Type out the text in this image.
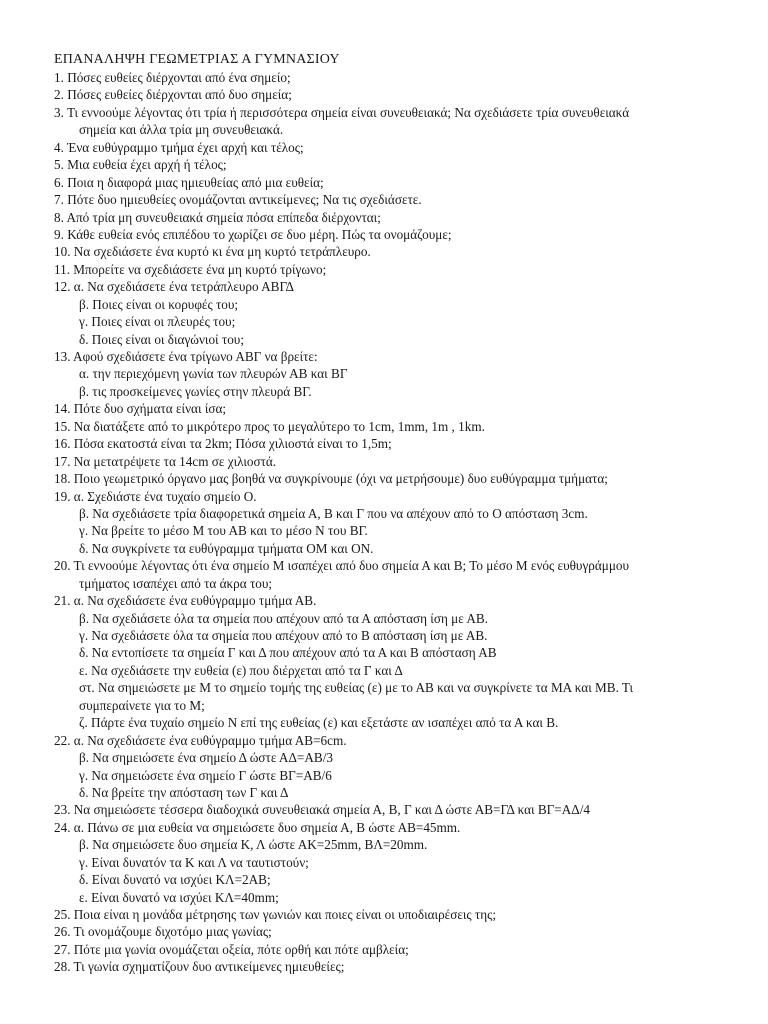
ΕΠΑΝΑΛΗΨΗ ΓΕΩΜΕΤΡΙΑΣ Α ΓΥΜΝΑΣΙΟΥ
1. Πόσες ευθείες διέρχονται από ένα σημείο;
2. Πόσες ευθείες διέρχονται από δυο σημεία;
3. Τι εννοούμε λέγοντας ότι τρία ή περισσότερα σημεία είναι συνευθειακά; Να σχεδιάσετε τρία συνευθειακά
σημεία και άλλα τρία μη συνευθειακά.
4. Ένα ευθύγραμμο τμήμα έχει αρχή και τέλος;
5. Μια ευθεία έχει αρχή ή τέλος;
6. Ποια η διαφορά μιας ημιευθείας από μια ευθεία;
7. Πότε δυο ημιευθείες ονομάζονται αντικείμενες; Να τις σχεδιάσετε.
8. Από τρία μη συνευθειακά σημεία πόσα επίπεδα διέρχονται;
9. Κάθε ευθεία ενός επιπέδου το χωρίζει σε δυο μέρη. Πώς τα ονομάζουμε;
10. Να σχεδιάσετε ένα κυρτό κι ένα μη κυρτό τετράπλευρο.
11. Μπορείτε να σχεδιάσετε ένα μη κυρτό τρίγωνο;
12. α. Να σχεδιάσετε ένα τετράπλευρο ΑΒΓΔ
β. Ποιες είναι οι κορυφές του;
γ. Ποιες είναι οι πλευρές του;
δ. Ποιες είναι οι διαγώνιοί του;
13. Αφού σχεδιάσετε ένα τρίγωνο ΑΒΓ να βρείτε:
α. την περιεχόμενη γωνία των πλευρών ΑΒ και ΒΓ
β. τις προσκείμενες γωνίες στην πλευρά ΒΓ.
14. Πότε δυο σχήματα είναι ίσα;
15. Να διατάξετε από το μικρότερο προς το μεγαλύτερο το 1cm, 1mm, 1m , 1km.
16. Πόσα εκατοστά είναι τα 2km; Πόσα χιλιοστά είναι το 1,5m;
17. Να μετατρέψετε τα 14cm σε χιλιοστά.
18. Ποιο γεωμετρικό όργανο μας βοηθά να συγκρίνουμε (όχι να μετρήσουμε) δυο ευθύγραμμα τμήματα;
19. α. Σχεδιάστε ένα τυχαίο σημείο Ο.
β. Να σχεδιάσετε τρία διαφορετικά σημεία Α, Β και Γ που να απέχουν από το Ο απόσταση 3cm.
γ. Να βρείτε το μέσο Μ του ΑΒ και το μέσο Ν του ΒΓ.
δ. Να συγκρίνετε τα ευθύγραμμα τμήματα ΟΜ και ΟΝ.
20. Τι εννοούμε λέγοντας ότι ένα σημείο Μ ισαπέχει από δυο σημεία Α και Β; Το μέσο Μ ενός ευθυγράμμου
τμήματος ισαπέχει από τα άκρα του;
21. α. Να σχεδιάσετε ένα ευθύγραμμο τμήμα ΑΒ.
β. Να σχεδιάσετε όλα τα σημεία που απέχουν από τα Α απόσταση ίση με ΑΒ.
γ. Να σχεδιάσετε όλα τα σημεία που απέχουν από το Β απόσταση ίση με ΑΒ.
δ. Να εντοπίσετε τα σημεία Γ και Δ που απέχουν από τα Α και Β απόσταση ΑΒ
ε. Να σχεδιάσετε την ευθεία (ε) που διέρχεται από τα Γ και Δ
στ. Να σημειώσετε με Μ το σημείο τομής της ευθείας (ε) με το ΑΒ και να συγκρίνετε τα ΜΑ και ΜΒ. Τι
συμπεραίνετε για το Μ;
ζ. Πάρτε ένα τυχαίο σημείο Ν επί της ευθείας (ε) και εξετάστε αν ισαπέχει από τα Α και Β.
22. α. Να σχεδιάσετε ένα ευθύγραμμο τμήμα ΑΒ=6cm.
β. Να σημειώσετε ένα σημείο Δ ώστε ΑΔ=ΑΒ/3
γ. Να σημειώσετε ένα σημείο Γ ώστε ΒΓ=ΑΒ/6
δ. Να βρείτε την απόσταση των Γ και Δ
23. Να σημειώσετε τέσσερα διαδοχικά συνευθειακά σημεία Α, Β, Γ και Δ ώστε ΑΒ=ΓΔ και ΒΓ=ΑΔ/4
24. α. Πάνω σε μια ευθεία να σημειώσετε δυο σημεία Α, Β ώστε ΑΒ=45mm.
β. Να σημειώσετε δυο σημεία Κ, Λ ώστε ΑΚ=25mm, ΒΛ=20mm.
γ. Είναι δυνατόν τα Κ και Λ να ταυτιστούν;
δ. Είναι δυνατό να ισχύει ΚΛ=2ΑΒ;
ε. Είναι δυνατό να ισχύει ΚΛ=40mm;
25. Ποια είναι η μονάδα μέτρησης των γωνιών και ποιες είναι οι υποδιαιρέσεις της;
26. Τι ονομάζουμε διχοτόμο μιας γωνίας;
27. Πότε μια γωνία ονομάζεται οξεία, πότε ορθή και πότε αμβλεία;
28. Τι γωνία σχηματίζουν δυο αντικείμενες ημιευθείες;
